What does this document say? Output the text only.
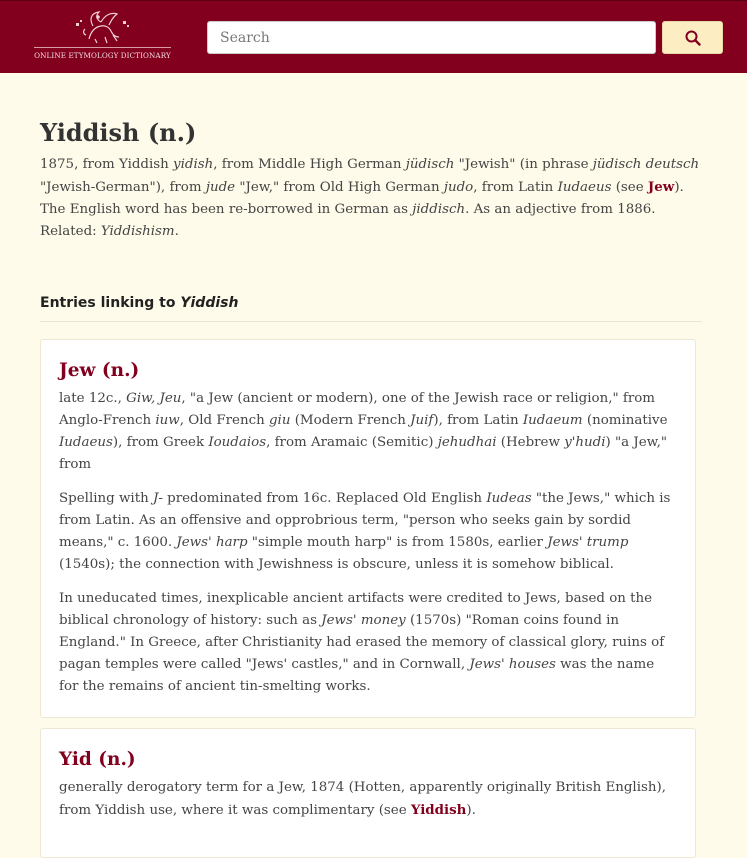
ONLINE ETYMOLOGY DICTIONARY
Search
Yiddish (n.)

1875, from Yiddish yidish, from Middle High German jüdisch "Jewish" (in phrase jüdisch deutsch "Jewish-German"), from jude "Jew," from Old High German judo, from Latin Iudaeus (see Jew). The English word has been re-borrowed in German as jiddisch. As an adjective from 1886. Related: Yiddishism.

Entries linking to Yiddish
Jew (n.)

late 12c., Giw, Jeu, "a Jew (ancient or modern), one of the Jewish race or religion," from Anglo-French iuw, Old French giu (Modern French Juif), from Latin Iudaeum (nominative Iudaeus), from Greek Ioudaios, from Aramaic (Semitic) jehudhai (Hebrew y'hudi) "a Jew," from

Spelling with J- predominated from 16c. Replaced Old English Iudeas "the Jews," which is from Latin. As an offensive and opprobrious term, "person who seeks gain by sordid means," c. 1600. Jews' harp "simple mouth harp" is from 1580s, earlier Jews' trump (1540s); the connection with Jewishness is obscure, unless it is somehow biblical.

In uneducated times, inexplicable ancient artifacts were credited to Jews, based on the biblical chronology of history: such as Jews' money (1570s) "Roman coins found in England." In Greece, after Christianity had erased the memory of classical glory, ruins of pagan temples were called "Jews' castles," and in Cornwall, Jews' houses was the name for the remains of ancient tin-smelting works.

Yid (n.)

generally derogatory term for a Jew, 1874 (Hotten, apparently originally British English), from Yiddish use, where it was complimentary (see Yiddish).
